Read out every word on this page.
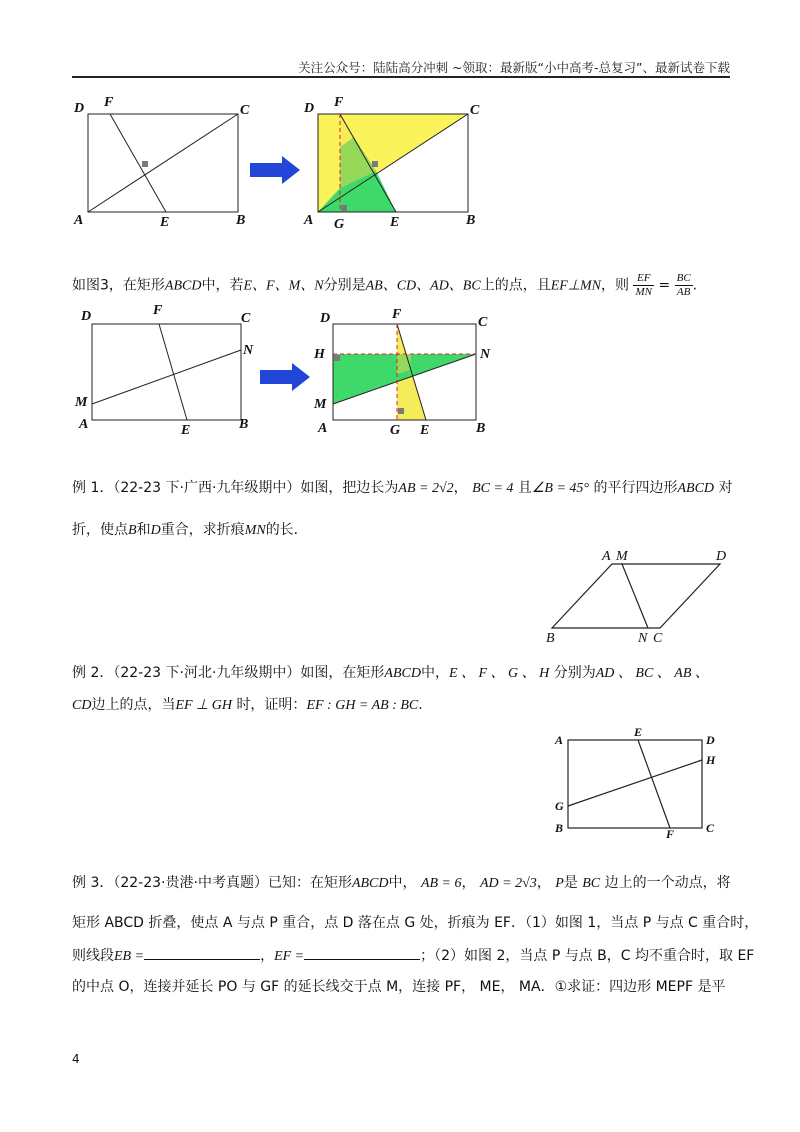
关注公众号：陆陆高分冲刺 ~领取：最新版“小中高考-总复习”、最新试卷下载
D F
C
A	E	B
D F
C
A G	E	B
如图3，在矩形ABCD中，若E、F、M、N分别是AB、CD、AD、BC上的点，且EF⊥MN，则 $\frac{EF}{MN} = \frac{BC}{AB}$ .
D	F
C
N
M
A	E	B
D	F
C
H	N
M
A	G E	B
例 1．（22-23 下·广西·九年级期中）如图，把边长为AB = 2√2， BC = 4 且∠B = 45° 的平行四边形ABCD 对
折，使点B和D重合，求折痕MN的长．
A M	D
B	N C
例 2．（22-23 下·河北·九年级期中）如图，在矩形ABCD中，E 、 F 、 G 、 H 分别为AD 、 BC 、 AB 、
CD边上的点，当EF ⊥ GH 时，证明：EF : GH = AB : BC.
A
E
D
H
G
B	F	C
例 3．（22-23·贵港·中考真题）已知：在矩形ABCD中， AB = 6， AD = 2√3， P是 BC 边上的一个动点，将
矩形 ABCD 折叠，使点 A 与点 P 重合，点 D 落在点 G 处，折痕为 EF．（1）如图 1，当点 P 与点 C 重合时，
则线段EB =	，EF =	；（2）如图 2，当点 P 与点 B，C 均不重合时，取 EF
的中点 O，连接并延长 PO 与 GF 的延长线交于点 M，连接 PF， ME， MA．①求证：四边形 MEPF 是平
4
